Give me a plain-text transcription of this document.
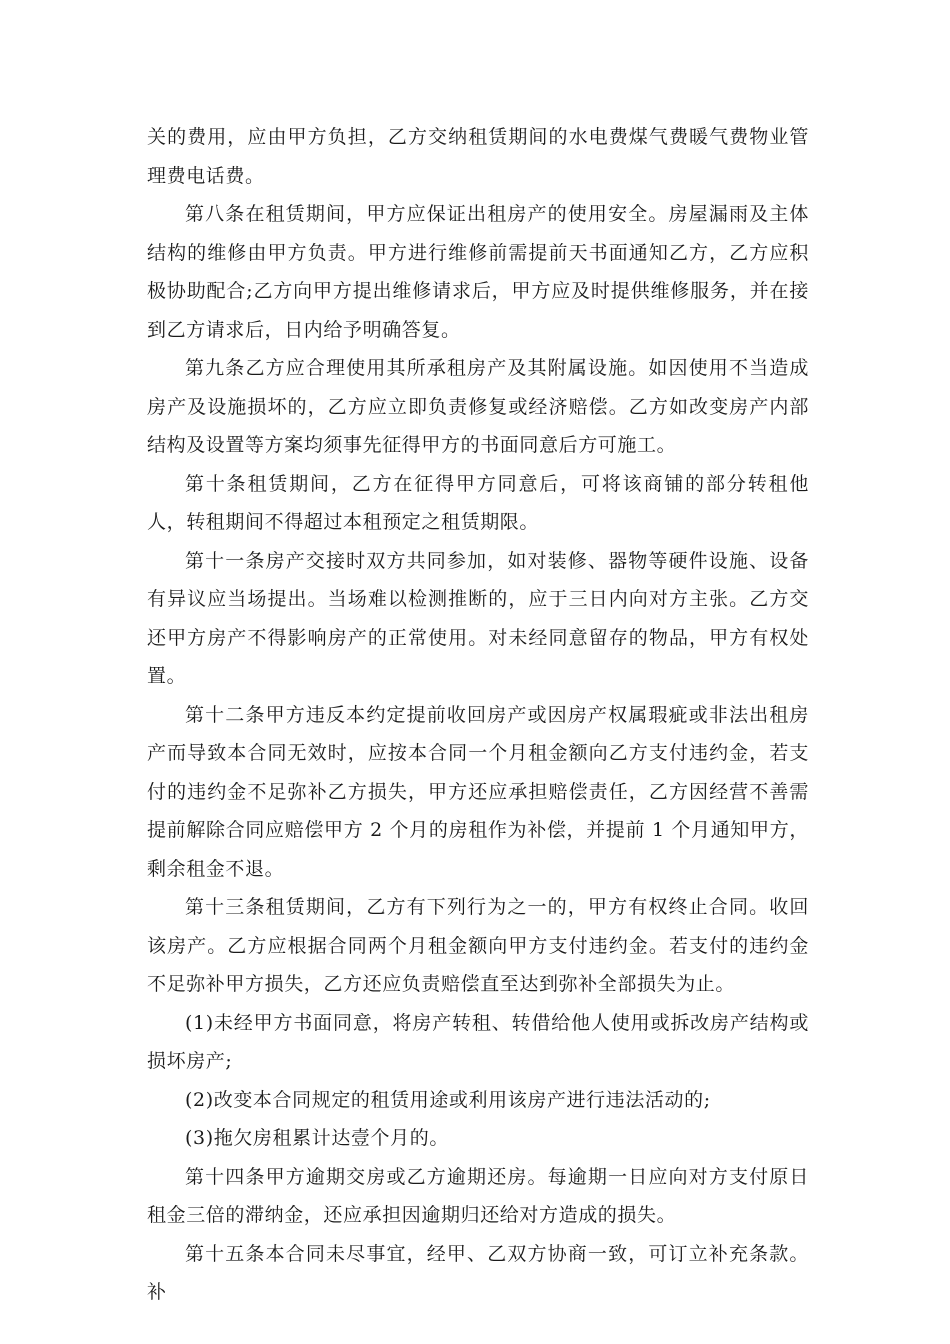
关的费用，应由甲方负担，乙方交纳租赁期间的水电费煤气费暖气费物业管理费电话费。

第八条在租赁期间，甲方应保证出租房产的使用安全。房屋漏雨及主体结构的维修由甲方负责。甲方进行维修前需提前天书面通知乙方，乙方应积极协助配合;乙方向甲方提出维修请求后，甲方应及时提供维修服务，并在接到乙方请求后，日内给予明确答复。

第九条乙方应合理使用其所承租房产及其附属设施。如因使用不当造成房产及设施损坏的，乙方应立即负责修复或经济赔偿。乙方如改变房产内部结构及设置等方案均须事先征得甲方的书面同意后方可施工。

第十条租赁期间，乙方在征得甲方同意后，可将该商铺的部分转租他人，转租期间不得超过本租预定之租赁期限。

第十一条房产交接时双方共同参加，如对装修、器物等硬件设施、设备有异议应当场提出。当场难以检测推断的，应于三日内向对方主张。乙方交还甲方房产不得影响房产的正常使用。对未经同意留存的物品，甲方有权处置。

第十二条甲方违反本约定提前收回房产或因房产权属瑕疵或非法出租房产而导致本合同无效时，应按本合同一个月租金额向乙方支付违约金，若支付的违约金不足弥补乙方损失，甲方还应承担赔偿责任，乙方因经营不善需提前解除合同应赔偿甲方 2 个月的房租作为补偿，并提前 1 个月通知甲方，剩余租金不退。

第十三条租赁期间，乙方有下列行为之一的，甲方有权终止合同。收回该房产。乙方应根据合同两个月租金额向甲方支付违约金。若支付的违约金不足弥补甲方损失，乙方还应负责赔偿直至达到弥补全部损失为止。

(1)未经甲方书面同意，将房产转租、转借给他人使用或拆改房产结构或损坏房产;

(2)改变本合同规定的租赁用途或利用该房产进行违法活动的;

(3)拖欠房租累计达壹个月的。

第十四条甲方逾期交房或乙方逾期还房。每逾期一日应向对方支付原日租金三倍的滞纳金，还应承担因逾期归还给对方造成的损失。

第十五条本合同未尽事宜，经甲、乙双方协商一致，可订立补充条款。补
